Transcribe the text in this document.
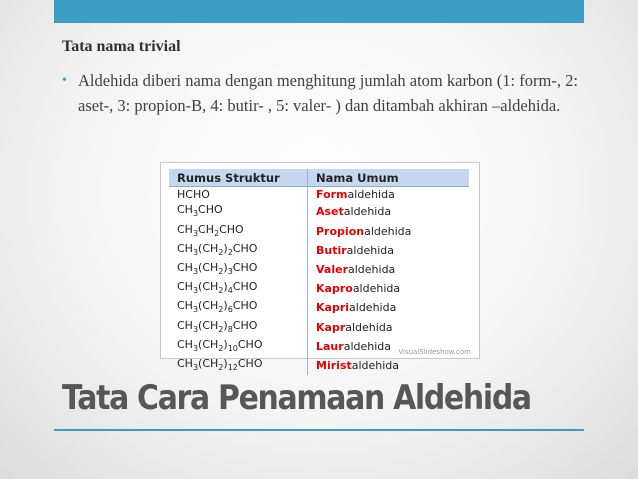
Tata nama trivial
• Aldehida diberi nama dengan menghitung jumlah atom karbon (1: form-, 2: aset-, 3: propion-B, 4: butir- , 5: valer- ) dan ditambah akhiran –aldehida.
Rumus Struktur	Nama Umum
HCHO	Formaldehida
$CH_3CHO$	Asetaldehida
$CH_3CH_2CHO$	Propionaldehida
$CH_3(CH_2)_2CHO$	Butiraldehida
$CH_3(CH_2)_3CHO$	Valeraldehida
$CH_3(CH_2)_4CHO$	Kaproaldehida
$CH_3(CH_2)_6CHO$	Kaprialdehida
$CH_3(CH_2)_8CHO$	Kapraldehida
$CH_3(CH_2)_{10}CHO$	Lauraldehida
$CH_3(CH_2)_{12}CHO$	Miristaldehida
VisualSlideshow.com
Tata Cara Penamaan Aldehida
